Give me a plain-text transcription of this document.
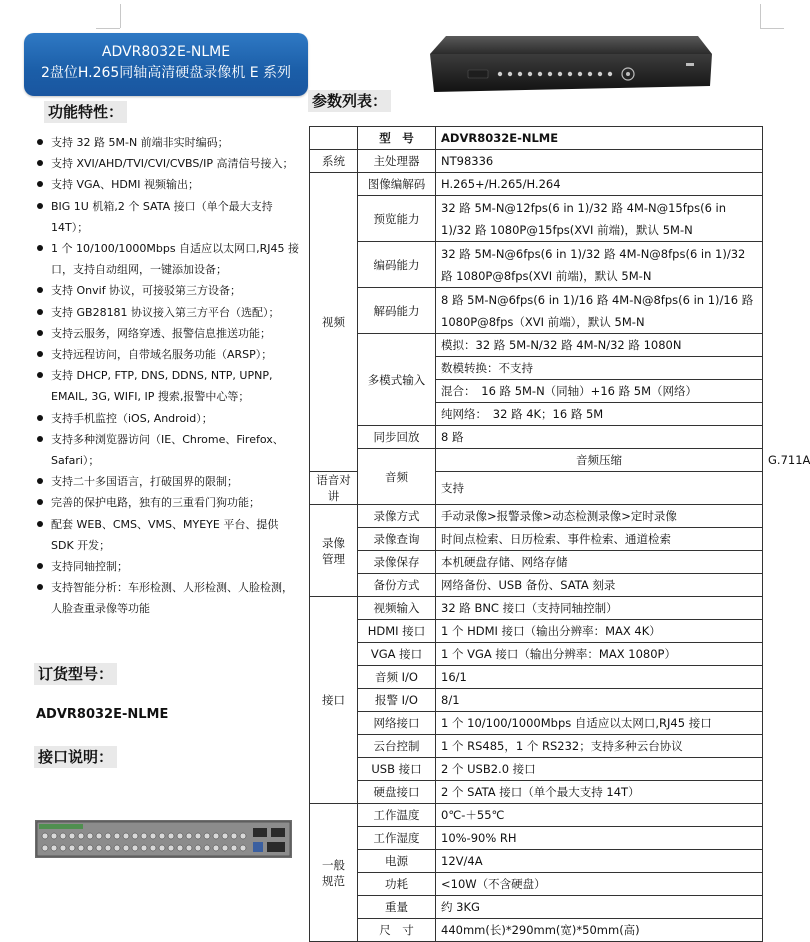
ADVR8032E-NLME
2盘位H.265同轴高清硬盘录像机 E 系列
功能特性：
参数列表：
订货型号：
接口说明：
支持 32 路 5M-N 前端非实时编码；
支持 XVI/AHD/TVI/CVI/CVBS/IP 高清信号接入；
支持 VGA、HDMI 视频输出；
BIG 1U 机箱,2 个 SATA 接口（单个最大支持 14T）；
1 个 10/100/1000Mbps 自适应以太网口,RJ45 接口，支持自动组网，一键添加设备；
支持 Onvif 协议，可接驳第三方设备；
支持 GB28181 协议接入第三方平台（选配）；
支持云服务，网络穿透、报警信息推送功能；
支持远程访问，自带域名服务功能（ARSP）；
支持 DHCP, FTP, DNS, DDNS, NTP, UPNP, EMAIL, 3G, WIFI, IP 搜索,报警中心等；
支持手机监控（iOS, Android）；
支持多种浏览器访问（IE、Chrome、Firefox、Safari）；
支持二十多国语言，打破国界的限制；
完善的保护电路，独有的三重看门狗功能；
配套 WEB、CMS、VMS、MYEYE 平台、提供 SDK 开发；
支持同轴控制；
支持智能分析：车形检测、人形检测、人脸检测，人脸查重录像等功能
ADVR8032E-NLME
	型　号	ADVR8032E-NLME	
系统	主处理器	NT98336	
视频	图像编解码	H.265+/H.265/H.264	
	预览能力	32 路 5M-N@12fps(6 in 1)/32 路 4M-N@15fps(6 in 1)/32 路 1080P@15fps(XVI 前端)，默认 5M-N	
	编码能力	32 路 5M-N@6fps(6 in 1)/32 路 4M-N@8fps(6 in 1)/32 路 1080P@8fps(XVI 前端)，默认 5M-N	
	解码能力	8 路 5M-N@6fps(6 in 1)/16 路 4M-N@8fps(6 in 1)/16 路 1080P@8fps（XVI 前端），默认 5M-N	
	多模式输入	模拟：32 路 5M-N/32 路 4M-N/32 路 1080N
数模转换：不支持
混合：　16 路 5M-N（同轴）+16 路 5M（网络）
纯网络：　32 路 4K；16 路 5M	

	同步回放	8 路	
	音频	音频压缩	G.711A
语音对讲		支持	

录像
管理	录像方式	手动录像>报警录像>动态检测录像>定时录像	
	录像查询	时间点检索、日历检索、事件检索、通道检索	
	录像保存	本机硬盘存储、网络存储	
	备份方式	网络备份、USB 备份、SATA 刻录	
接口	视频输入	32 路 BNC 接口（支持同轴控制）	
	HDMI 接口	1 个 HDMI 接口（输出分辨率：MAX 4K）	
	VGA 接口	1 个 VGA 接口（输出分辨率：MAX 1080P）	
	音频 I/O	16/1	
	报警 I/O	8/1	
	网络接口	1 个 10/100/1000Mbps 自适应以太网口,RJ45 接口	
	云台控制	1 个 RS485，1 个 RS232；支持多种云台协议	
	USB 接口	2 个 USB2.0 接口	
	硬盘接口	2 个 SATA 接口（单个最大支持 14T）	

一般
规范	工作温度	0℃-＋55℃	
	工作湿度	10%-90% RH	
	电源	12V/4A	
	功耗	<10W（不含硬盘）	
	重量	约 3KG	
	尺　寸	440mm(长)*290mm(宽)*50mm(高)	
